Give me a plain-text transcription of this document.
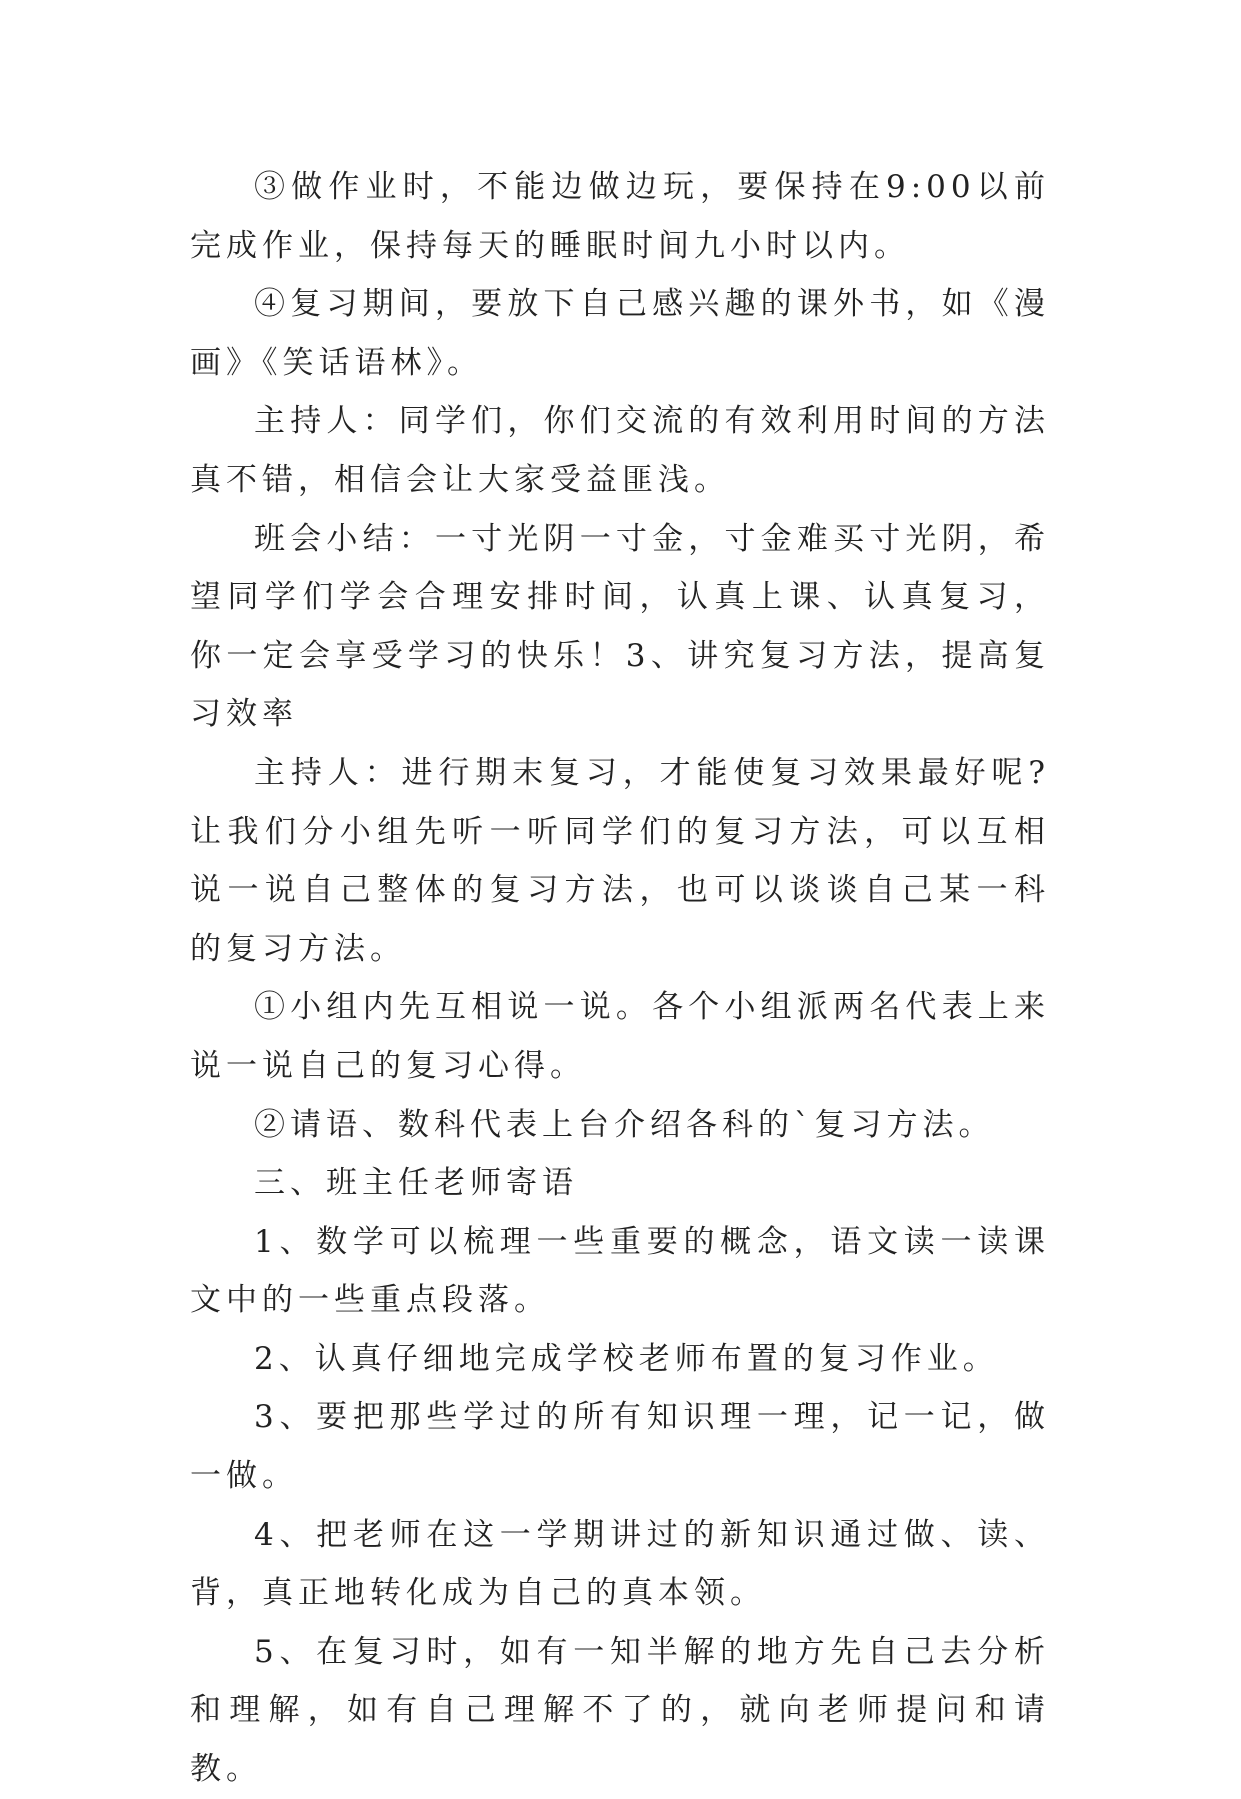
③做作业时，不能边做边玩，要保持在9:00以前完成作业，保持每天的睡眠时间九小时以内。

④复习期间，要放下自己感兴趣的课外书，如《漫画》《笑话语林》。

主持人：同学们，你们交流的有效利用时间的方法真不错，相信会让大家受益匪浅。

班会小结：一寸光阴一寸金，寸金难买寸光阴，希望同学们学会合理安排时间，认真上课、认真复习，你一定会享受学习的快乐！3、讲究复习方法，提高复习效率

主持人：进行期末复习，才能使复习效果最好呢?让我们分小组先听一听同学们的复习方法，可以互相说一说自己整体的复习方法，也可以谈谈自己某一科的复习方法。

①小组内先互相说一说。各个小组派两名代表上来说一说自己的复习心得。

②请语、数科代表上台介绍各科的`复习方法。

三、班主任老师寄语

1、数学可以梳理一些重要的概念，语文读一读课文中的一些重点段落。

2、认真仔细地完成学校老师布置的复习作业。

3、要把那些学过的所有知识理一理，记一记，做一做。

4、把老师在这一学期讲过的新知识通过做、读、背，真正地转化成为自己的真本领。

5、在复习时，如有一知半解的地方先自己去分析和理解，如有自己理解不了的，就向老师提问和请教。
